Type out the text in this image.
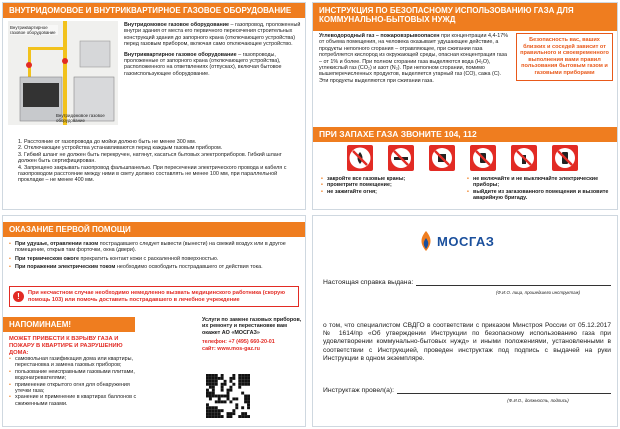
ВНУТРИДОМОВОЕ И ВНУТРИКВАРТИРНОЕ ГАЗОВОЕ ОБОРУДОВАНИЕ
Внутриквартирное газовое оборудование
Внутридомовое газовое оборудование
Внутридомовое газовое оборудование – газопровод, проложенный внутри здания от места его первичного пересечения строительных конструкций здания до запорного крана (отключающего устройства) перед газовым прибором, включая само отключающее устройство.
Внутриквартирное газовое оборудование – газопроводы, проложенные от запорного крана (отключающего устройства), расположенного на ответвлениях (отпусках), включая бытовое газоиспользующее оборудование.
1. Расстояние от газопровода до мойки должно быть не менее 300 мм.
2. Отключающие устройства устанавливаются перед каждым газовым прибором.
3. Гибкий шланг не должен быть перекручен, натянут, касаться бытовых электроприборов. Гибкий шланг должен быть сертифицирован.
4. Запрещено закрывать газопровод фальшпанелью. При пересечении электрического провода и кабеля с газопроводом расстояние между ними в свету должно составлять не менее 100 мм, при параллельной прокладке – не менее 400 мм.
ИНСТРУКЦИЯ ПО БЕЗОПАСНОМУ ИСПОЛЬЗОВАНИЮ ГАЗА ДЛЯ КОММУНАЛЬНО-БЫТОВЫХ НУЖД
Углеводородный газ – пожаровзрывоопасен при концентрации 4,4-17% от объема помещения, на человека оказывает удушающее действие, а продукты неполного сгорания – отравляющее, при сжигании газа потребляется кислород из окружающей среды, опасная концентрация газа – от 1% и более. При полном сгорании газа выделяются вода (H₂O), углекислый газ (CO₂) и азот (N₂). При неполном сгорании, помимо вышеперечисленных продуктов, выделяется угарный газ (CO), сажа (C). Эти продукты выделяются при сжигании газа.
Безопасность вас, ваших близких и соседей зависит от правильного и своевременного выполнения вами правил пользования бытовым газом и газовыми приборами
ПРИ ЗАПАХЕ ГАЗА ЗВОНИТЕ 104, 112
• закройте все газовые краны;
• проветрите помещение;
• не зажигайте огня;
• не включайте и не выключайте электрические приборы;
• выйдите из загазованного помещения и вызовите аварийную бригаду.
ОКАЗАНИЕ ПЕРВОЙ ПОМОЩИ
• При удушье, отравлении газом пострадавшего следует вывести (вынести) на свежий воздух или в другое помещение, открыв там форточки, окна (двери).
• При термическом ожоге прекратить контакт кожи с раскаленной поверхностью.
• При поражении электрическим током необходимо освободить пострадавшего от действия тока.
!	При несчастном случае необходимо немедленно вызвать медицинского работника (скорую помощь 103) или помочь доставить пострадавшего в лечебное учреждение
НАПОМИНАЕМ!
МОЖЕТ ПРИВЕСТИ К ВЗРЫВУ ГАЗА И ПОЖАРУ В КВАРТИРЕ И РАЗРУШЕНИЮ ДОМА:
• самовольная газификация дома или квартиры, перестановка и замена газовых приборов;
• пользование неисправными газовыми плитами, водонагревателями;
• применение открытого огня для обнаружения утечки газа;
• хранение и применение в квартирах баллонов с сжиженными газами.
Услуги по замене газовых приборов, их ремонту и перестановке вам окажет АО «МОСГАЗ»
телефон: +7 (495) 660-20-01
сайт: www.mos-gaz.ru
МОСГАЗ
Настоящая справка выдана:
(Ф.И.О. лица, прошедшего инструктаж)
о том, что специалистом СВДГО в соответствии с приказом Минстроя России от 05.12.2017 № 1614/пр «Об утверждении Инструкции по безопасному использованию газа при удовлетворении коммунально-бытовых нужд» и иными положениями, установленными в соответствии с Инструкцией, проведен инструктаж под подпись с выдачей на руки Инструкции в одном экземпляре.
Инструктаж провел(а):
(Ф.И.О., должность, подпись)
